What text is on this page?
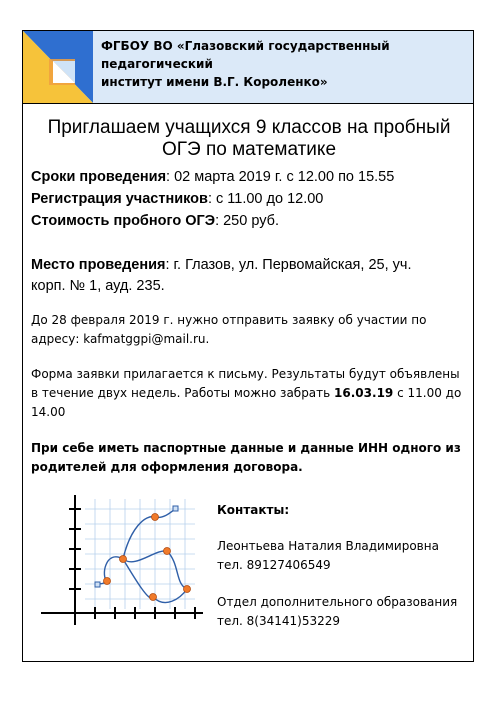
ФГБОУ ВО «Глазовский государственный педагогический
институт имени В.Г. Короленко»
Приглашаем учащихся 9 классов на пробный
ОГЭ по математике
Сроки проведения: 02 марта 2019 г. с 12.00 по 15.55
Регистрация участников: с 11.00 до 12.00
Стоимость пробного ОГЭ: 250 руб.
Место проведения: г. Глазов, ул. Первомайская, 25, уч.
корп. № 1, ауд. 235.
До 28 февраля 2019 г. нужно отправить заявку об участии по
адресу: kafmatggpi@mail.ru.
Форма заявки прилагается к письму. Результаты будут объявлены
в течение двух недель. Работы можно забрать 16.03.19 с 11.00 до
14.00
При себе иметь паспортные данные и данные ИНН одного из
родителей для оформления договора.
Контакты:
Леонтьева Наталия Владимировна
тел. 89127406549
Отдел дополнительного образования
тел. 8(34141)53229
